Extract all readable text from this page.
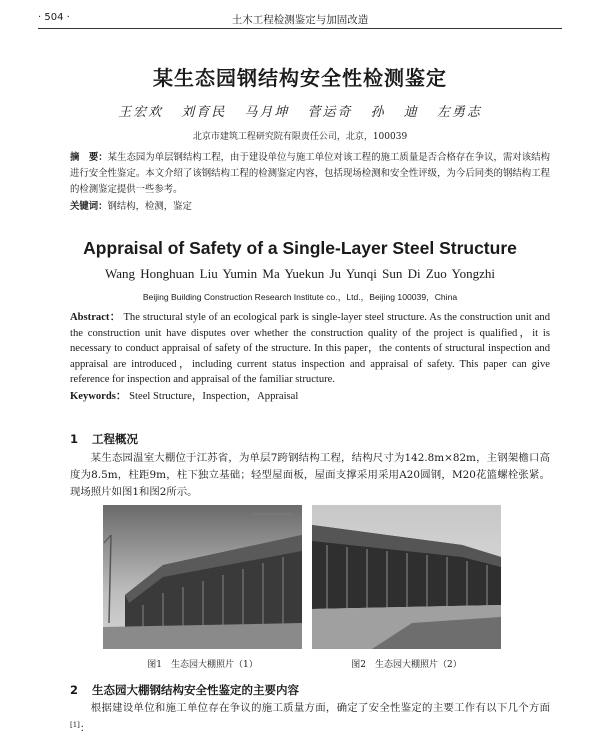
· 504 ·	土木工程检测鉴定与加固改造
某生态园钢结构安全性检测鉴定
王宏欢 刘育民 马月坤 菅运奇 孙 迪 左勇志
北京市建筑工程研究院有限责任公司，北京，100039
摘　要：某生态园为单层钢结构工程，由于建设单位与施工单位对该工程的施工质量是否合格存在争议，需对该结构进行安全性鉴定。本文介绍了该钢结构工程的检测鉴定内容，包括现场检测和安全性评级，为今后同类的钢结构工程的检测鉴定提供一些参考。
关键词：钢结构，检测，鉴定
Appraisal of Safety of a Single-Layer Steel Structure
Wang Honghuan Liu Yumin Ma Yuekun Ju Yunqi Sun Di Zuo Yongzhi
Beijing Building Construction Research Institute co.，Ltd.，Beijing 100039，China
Abstract： The structural style of an ecological park is single-layer steel structure. As the construction unit and the construction unit have disputes over whether the construction quality of the project is qualified，it is necessary to conduct appraisal of safety of the structure. In this paper，the contents of structural inspection and appraisal are introduced，including current status inspection and appraisal of safety. This paper can give reference for inspection and appraisal of the familiar structure.
Keywords： Steel Structure，Inspection，Appraisal
1 工程概况
某生态园温室大棚位于江苏省，为单层7跨钢结构工程，结构尺寸为142.8m×82m，主钢架檐口高度为8.5m，柱距9m，柱下独立基础；轻型屋面板，屋面支撑采用采用A20圆钢，M20花篮螺栓张紧。现场照片如图1和图2所示。
图1　生态园大棚照片（1）	图2　生态园大棚照片（2）
2 生态园大棚钢结构安全性鉴定的主要内容
根据建设单位和施工单位存在争议的施工质量方面，确定了安全性鉴定的主要工作有以下几个方面[1]：
